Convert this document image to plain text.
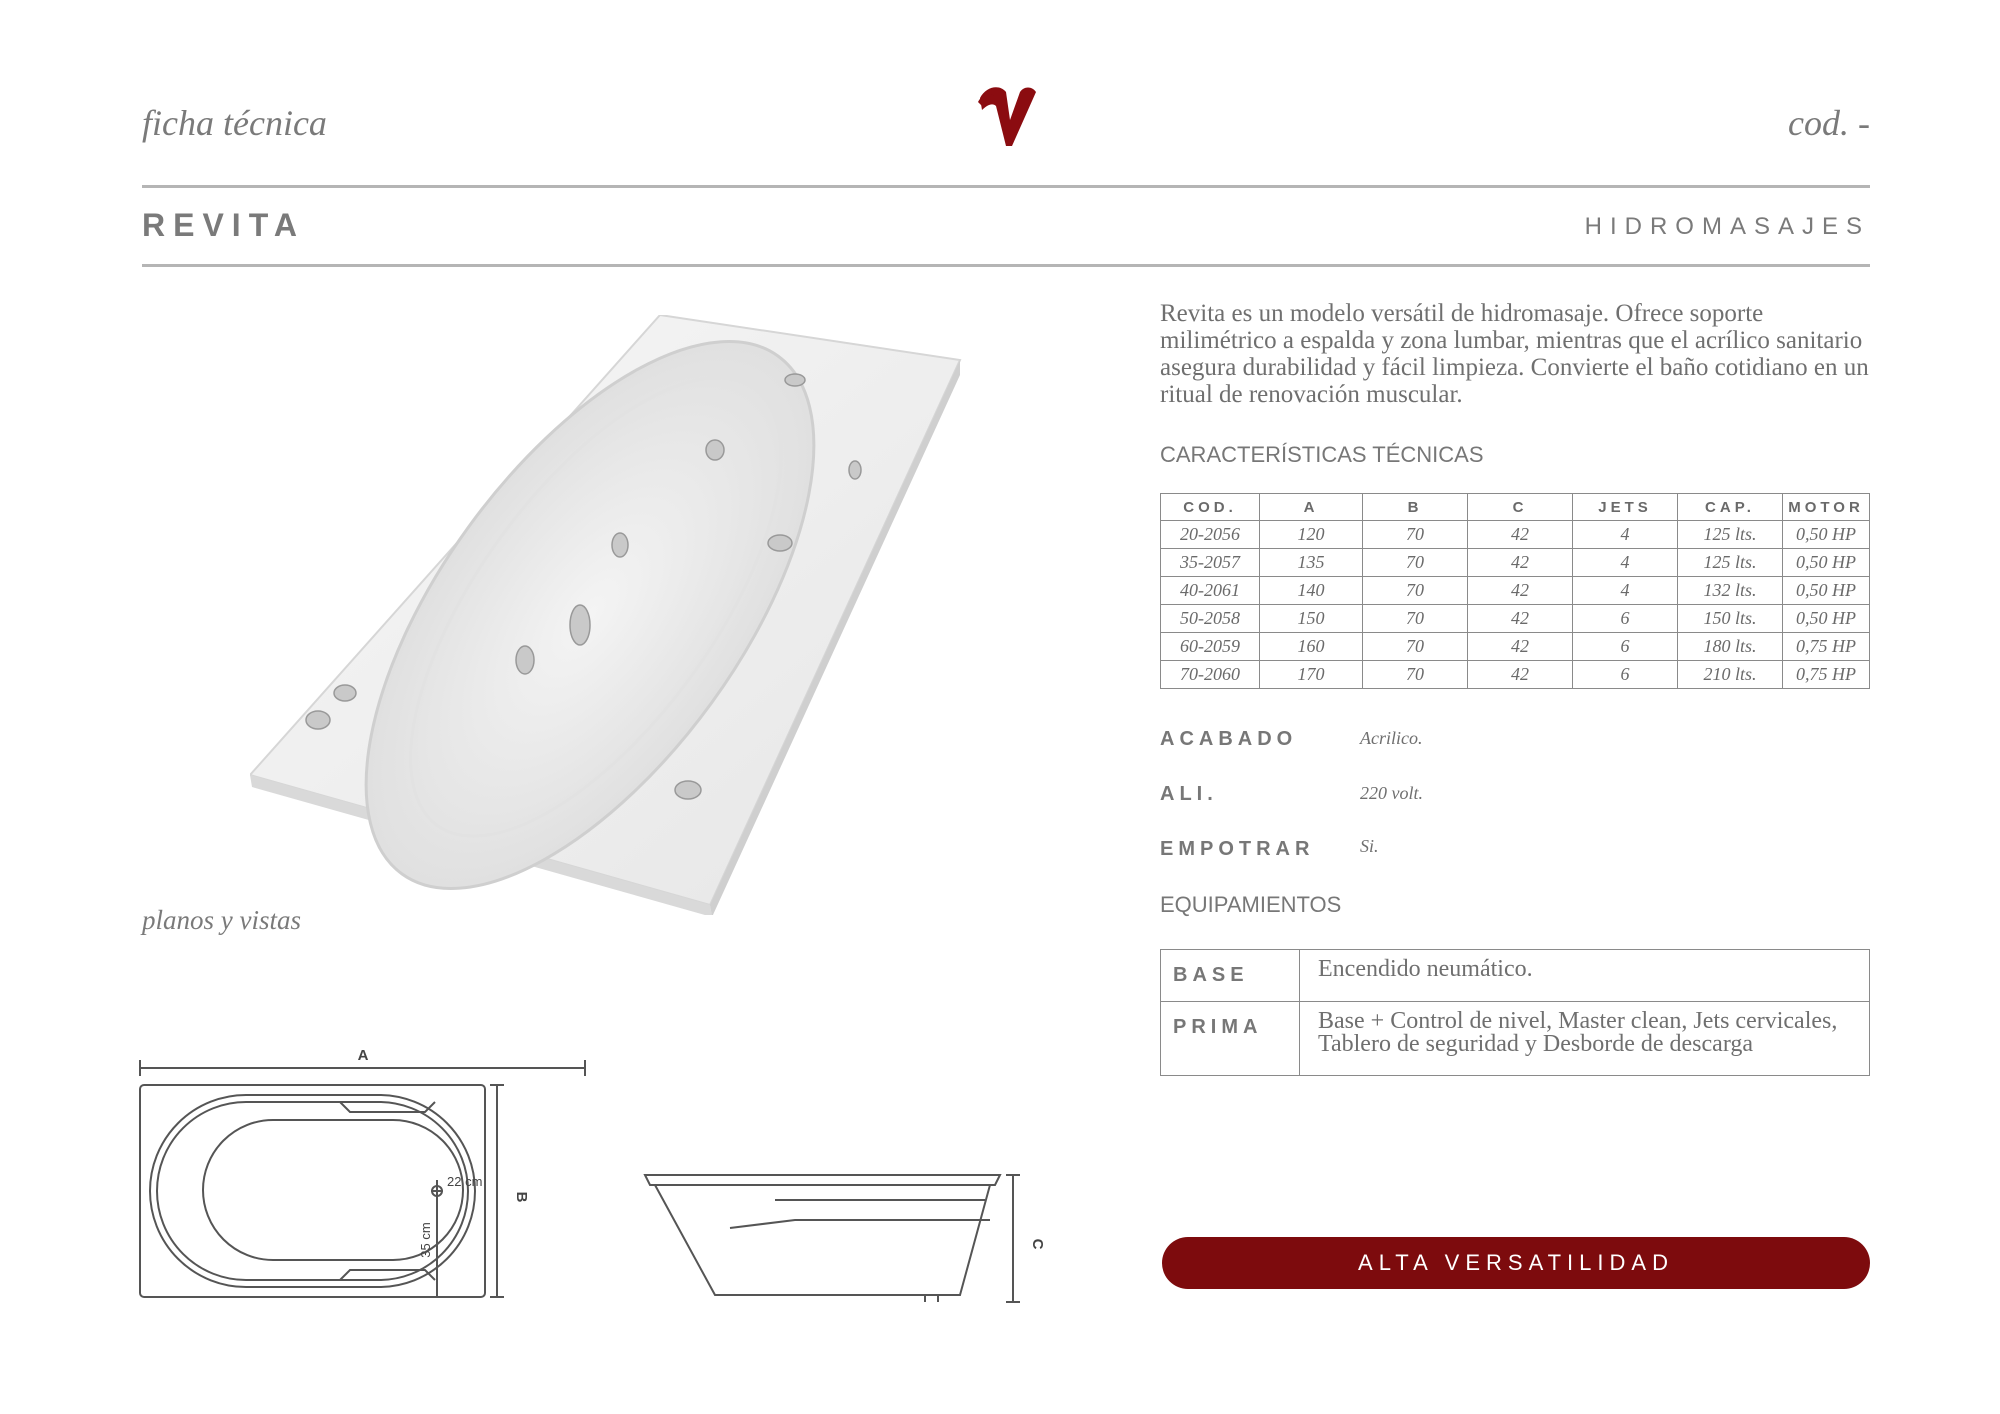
ficha técnica	cod. -
REVITA	HIDROMASAJES
planos y vistas
A
B
C
22 cm
35 cm
Revita es un modelo versátil de hidromasaje. Ofrece soporte milimétrico a espalda y zona lumbar, mientras que el acrílico sanitario asegura durabilidad y fácil limpieza. Convierte el baño cotidiano en un ritual de renovación muscular.
CARACTERÍSTICAS TÉCNICAS
COD.	A	B	C	JETS	CAP.	MOTOR
20-2056	120	70	42	4	125 lts.	0,50 HP
35-2057	135	70	42	4	125 lts.	0,50 HP
40-2061	140	70	42	4	132 lts.	0,50 HP
50-2058	150	70	42	6	150 lts.	0,50 HP
60-2059	160	70	42	6	180 lts.	0,75 HP
70-2060	170	70	42	6	210 lts.	0,75 HP
ACABADO	Acrilico.
ALI.	220 volt.
EMPOTRAR	Si.
EQUIPAMIENTOS
BASE	Encendido neumático.
PRIMA	Base + Control de nivel, Master clean, Jets cervicales, Tablero de seguridad y Desborde de descarga
ALTA VERSATILIDAD
